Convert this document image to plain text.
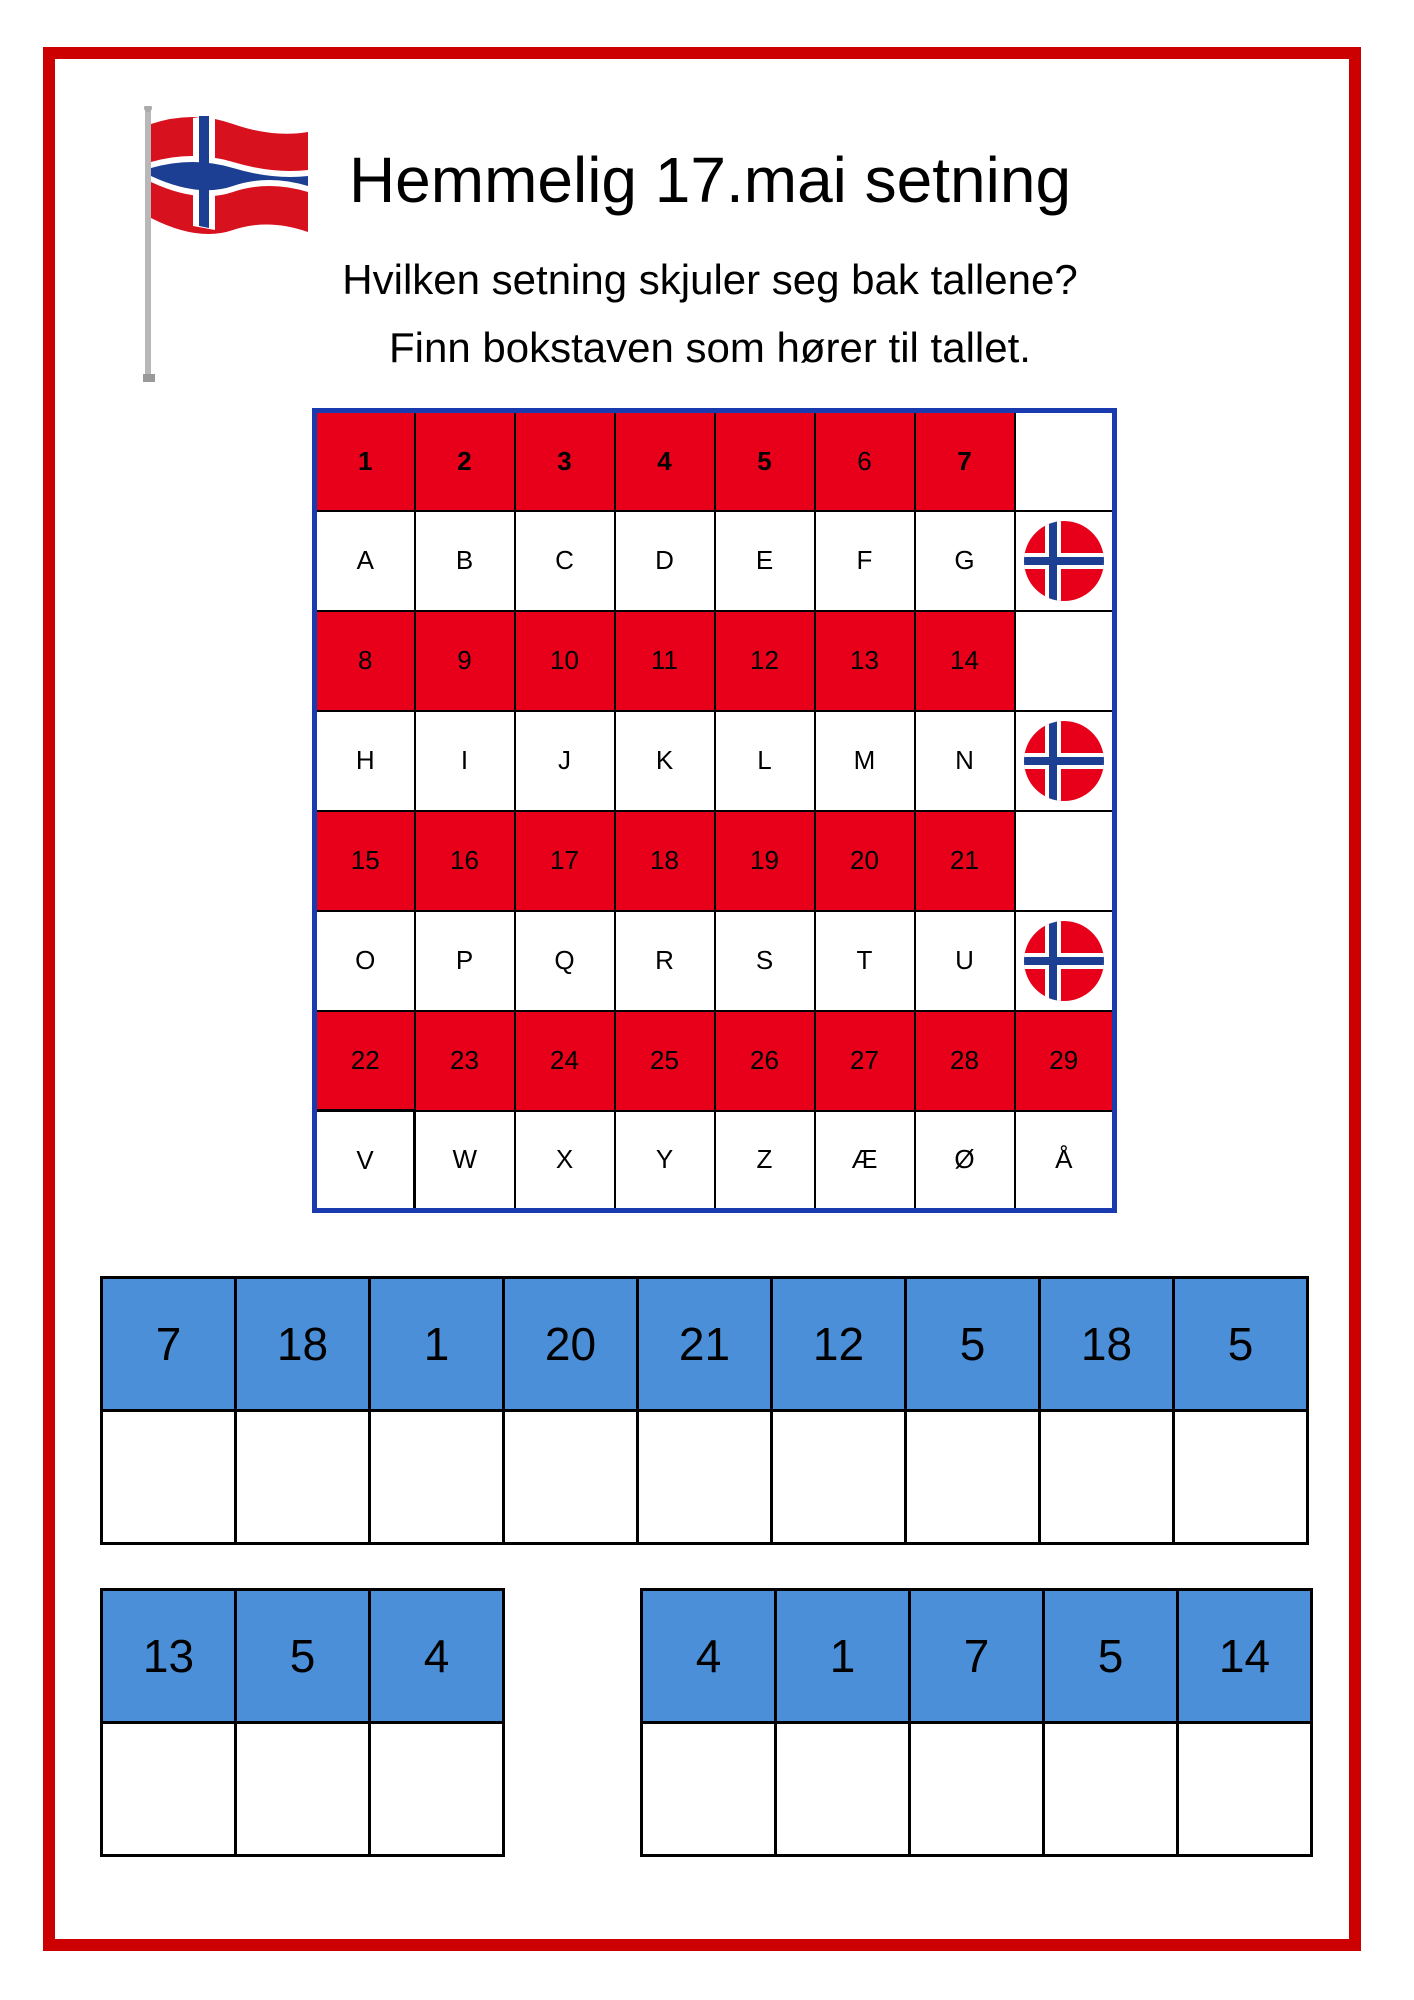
Hemmelig 17.mai setning
Hvilken setning skjuler seg bak tallene?
Finn bokstaven som hører til tallet.
1	2	3	4	5	6	7	
A	B	C	D	E	F	G	

8	9	10	11	12	13	14	
H	I	J	K	L	M	N	

15	16	17	18	19	20	21	
O	P	Q	R	S	T	U	

22	23	24	25	26	27	28	29
V	W	X	Y	Z	Æ	Ø	Å
7	18	1	20	21	12	5	18	5

13	5	4
			4	1	7	5	14
